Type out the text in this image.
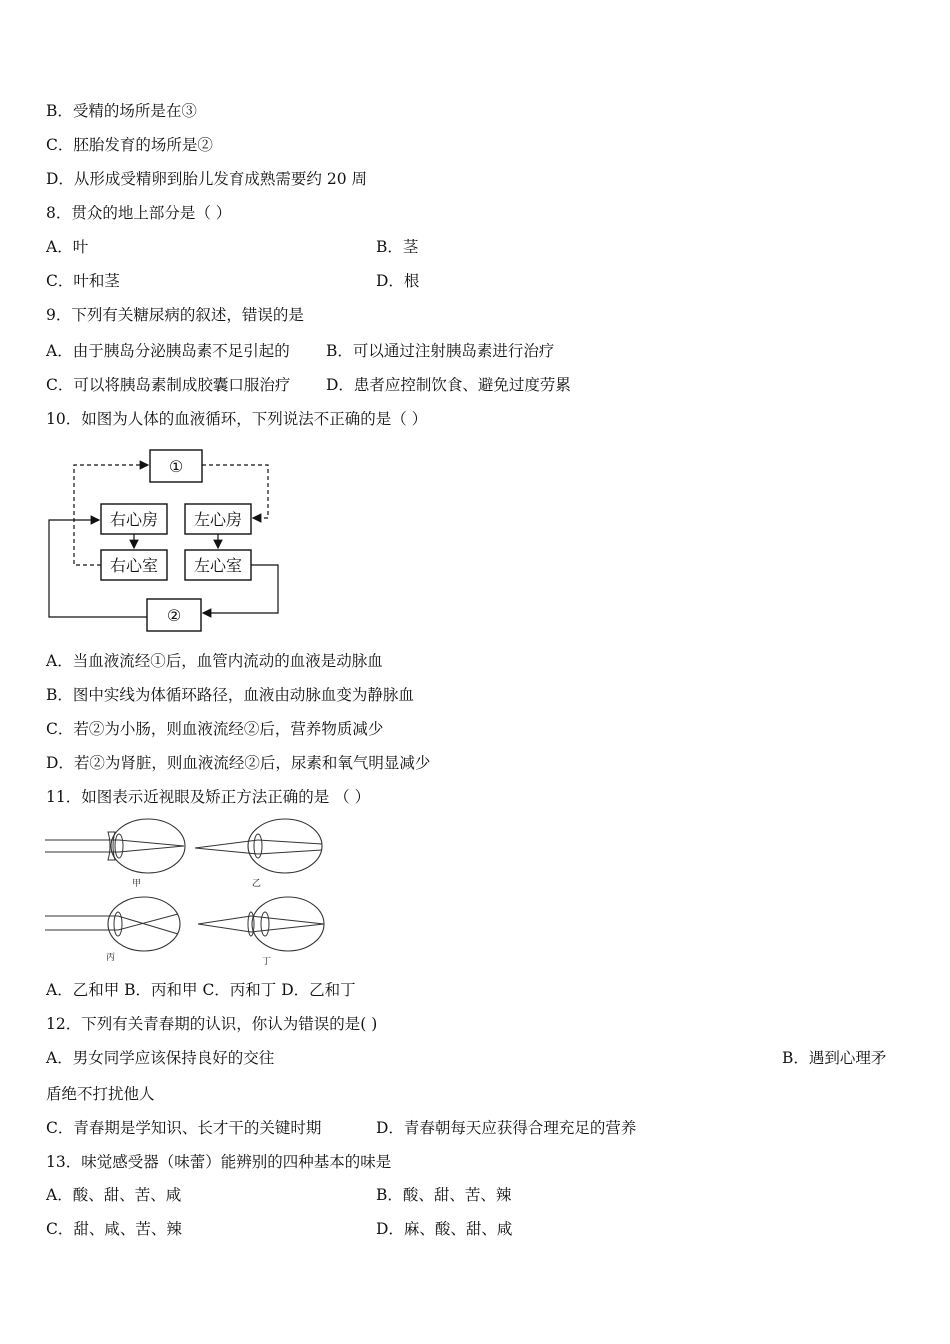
B．受精的场所是在③
C．胚胎发育的场所是②
D．从形成受精卵到胎儿发育成熟需要约 20 周
8．贯众的地上部分是（ ）
A．叶	B．茎
C．叶和茎	D．根
9．下列有关糖尿病的叙述，错误的是
A．由于胰岛分泌胰岛素不足引起的 B．可以通过注射胰岛素进行治疗
C．可以将胰岛素制成胶囊口服治疗 D．患者应控制饮食、避免过度劳累
10．如图为人体的血液循环，下列说法不正确的是（ ）
①
右心房 左心房
右心室 左心室
②
A．当血液流经①后，血管内流动的血液是动脉血
B．图中实线为体循环路径，血液由动脉血变为静脉血
C．若②为小肠，则血液流经②后，营养物质减少
D．若②为肾脏，则血液流经②后，尿素和氧气明显减少
11．如图表示近视眼及矫正方法正确的是 （ ）
甲	乙
丙	丁
A．乙和甲 B．丙和甲 C．丙和丁 D．乙和丁
12．下列有关青春期的认识，你认为错误的是( )
A．男女同学应该保持良好的交往	B．遇到心理矛
盾绝不打扰他人
C．青春期是学知识、长才干的关键时期	D．青春朝每天应获得合理充足的营养
13．味觉感受器（味蕾）能辨别的四种基本的味是
A．酸、甜、苦、咸	B．酸、甜、苦、辣
C．甜、咸、苦、辣	D．麻、酸、甜、咸
